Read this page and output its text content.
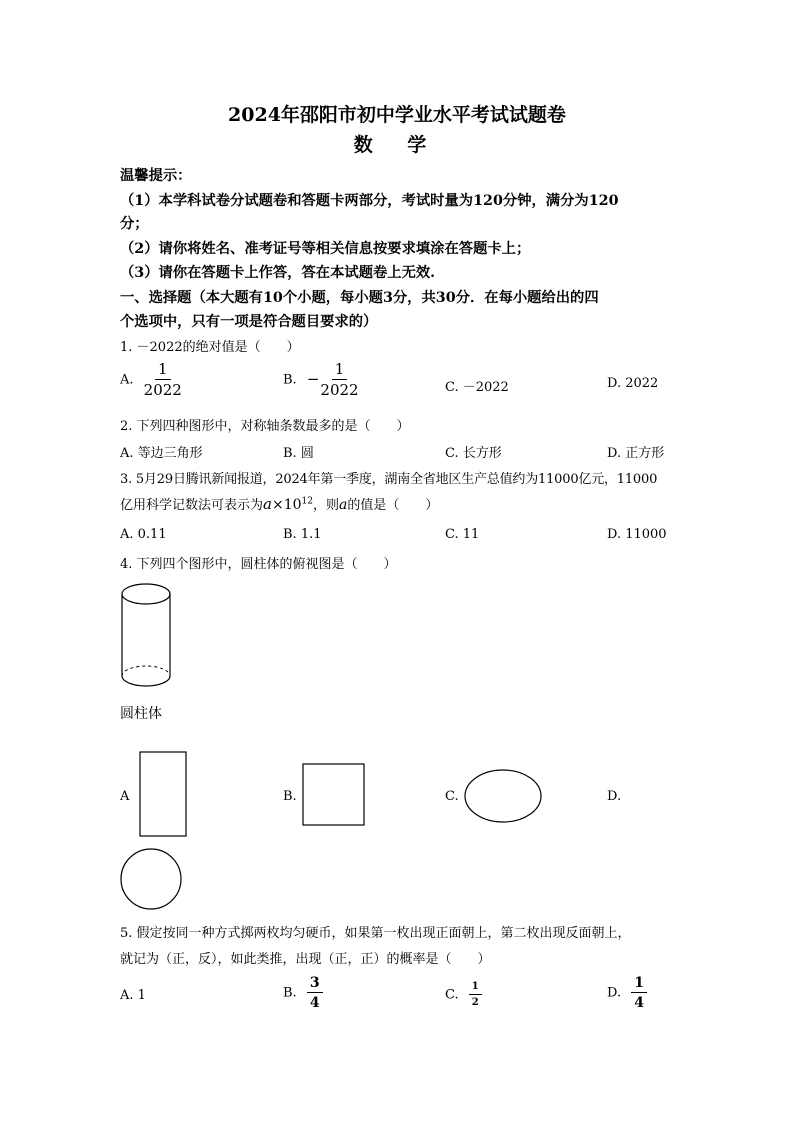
2024年邵阳市初中学业水平考试试题卷
数 学
温馨提示：
（1）本学科试卷分试题卷和答题卡两部分，考试时量为120分钟，满分为120
分；
（2）请你将姓名、准考证号等相关信息按要求填涂在答题卡上；
（3）请你在答题卡上作答，答在本试题卷上无效.
一、选择题（本大题有10个小题，每小题3分，共30分．在每小题给出的四
个选项中，只有一项是符合题目要求的）
1. －2022的绝对值是（　　）
A. $\frac{1}{2022}$	B. − $\frac{1}{2022}$	C. －2022	D. 2022
2. 下列四种图形中，对称轴条数最多的是（　　）
A. 等边三角形	B. 圆	C. 长方形	D. 正方形
3. 5月29日腾讯新闻报道，2024年第一季度，湖南全省地区生产总值约为11000亿元，11000
亿用科学记数法可表示为$a\times 10^{12}$，则a的值是（　　）
A. 0.11	B. 1.1	C. 11	D. 11000
4. 下列四个图形中，圆柱体的俯视图是（　　）
圆柱体
A	B.	C.	D.
5. 假定按同一种方式掷两枚均匀硬币，如果第一枚出现正面朝上，第二枚出现反面朝上，
就记为（正，反），如此类推，出现（正，正）的概率是（　　）
A. 1	B. $\frac{3}{4}$	C. $\frac{1}{2}$	D. $\frac{1}{4}$
